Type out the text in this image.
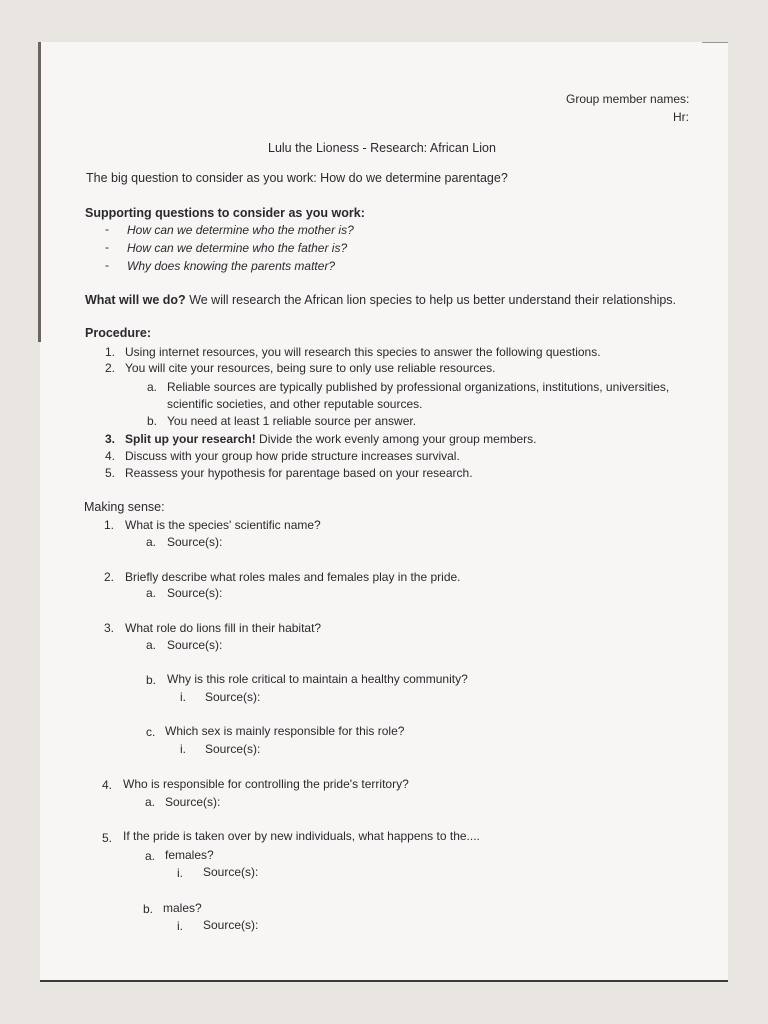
Group member names:
Hr:
Lulu the Lioness - Research: African Lion
The big question to consider as you work: How do we determine parentage?
Supporting questions to consider as you work:
- How can we determine who the mother is?
- How can we determine who the father is?
- Why does knowing the parents matter?
What will we do? We will research the African lion species to help us better understand their relationships.
Procedure:
1. Using internet resources, you will research this species to answer the following questions.
2. You will cite your resources, being sure to only use reliable resources.
a. Reliable sources are typically published by professional organizations, institutions, universities,
scientific societies, and other reputable sources.
b. You need at least 1 reliable source per answer.
3. Split up your research! Divide the work evenly among your group members.
4. Discuss with your group how pride structure increases survival.
5. Reassess your hypothesis for parentage based on your research.
Making sense:
1. What is the species' scientific name?
a. Source(s):
2. Briefly describe what roles males and females play in the pride.
a. Source(s):
3. What role do lions fill in their habitat?
a. Source(s):
b. Why is this role critical to maintain a healthy community?
i. Source(s):
c. Which sex is mainly responsible for this role?
i. Source(s):
4. Who is responsible for controlling the pride's territory?
a. Source(s):
5. If the pride is taken over by new individuals, what happens to the....
a. females?
i. Source(s):
b. males?
i. Source(s):
